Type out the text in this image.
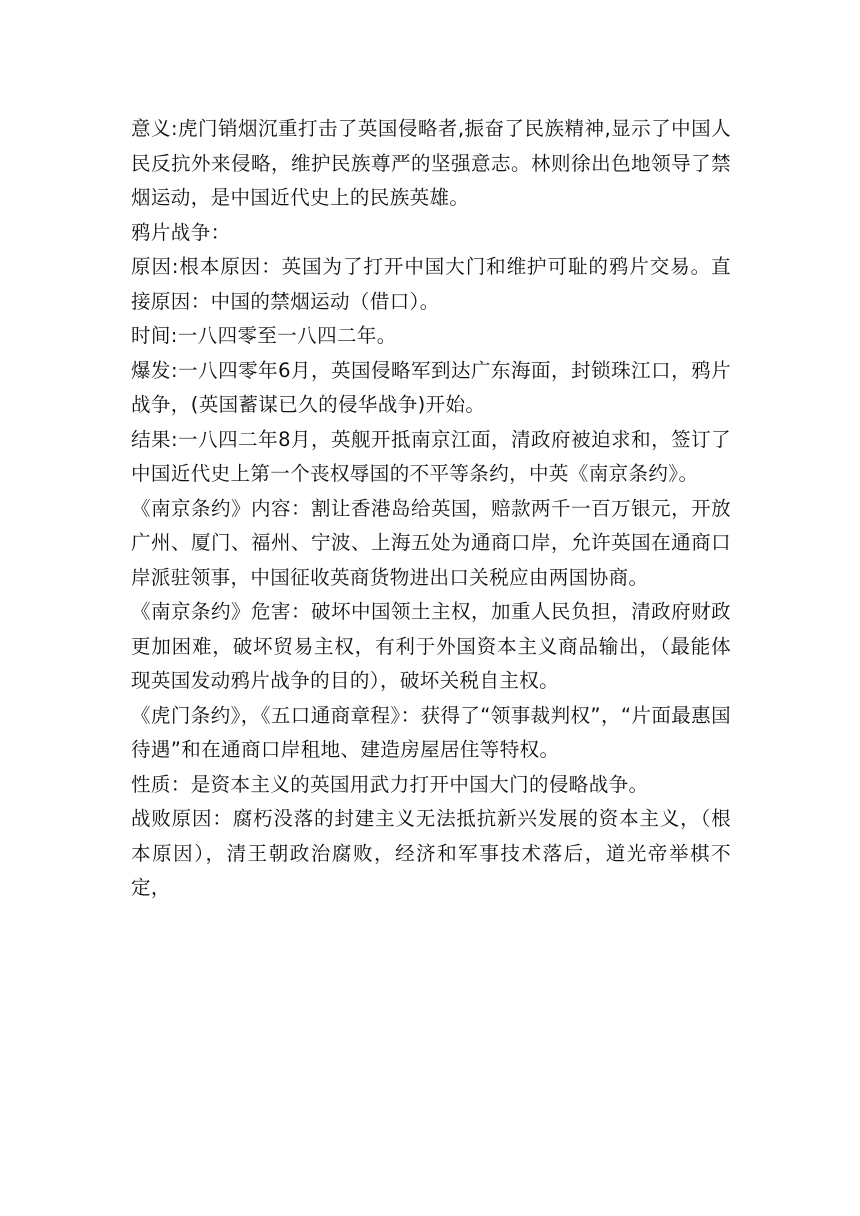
意义:虎门销烟沉重打击了英国侵略者,振奋了民族精神,显示了中国人民反抗外来侵略，维护民族尊严的坚强意志。林则徐出色地领导了禁烟运动，是中国近代史上的民族英雄。

鸦片战争：

原因:根本原因：英国为了打开中国大门和维护可耻的鸦片交易。直接原因：中国的禁烟运动（借口）。

时间:一八四零至一八四二年。

爆发:一八四零年6月，英国侵略军到达广东海面，封锁珠江口，鸦片战争，(英国蓄谋已久的侵华战争)开始。

结果:一八四二年8月，英舰开抵南京江面，清政府被迫求和，签订了中国近代史上第一个丧权辱国的不平等条约，中英《南京条约》。

《南京条约》内容：割让香港岛给英国，赔款两千一百万银元，开放广州、厦门、福州、宁波、上海五处为通商口岸，允许英国在通商口岸派驻领事，中国征收英商货物进出口关税应由两国协商。

《南京条约》危害：破坏中国领土主权，加重人民负担，清政府财政更加困难，破坏贸易主权，有利于外国资本主义商品输出，（最能体现英国发动鸦片战争的目的），破坏关税自主权。

《虎门条约》，《五口通商章程》：获得了“领事裁判权”，“片面最惠国待遇”和在通商口岸租地、建造房屋居住等特权。

性质：是资本主义的英国用武力打开中国大门的侵略战争。

战败原因：腐朽没落的封建主义无法抵抗新兴发展的资本主义，（根本原因），清王朝政治腐败，经济和军事技术落后，道光帝举棋不定，
